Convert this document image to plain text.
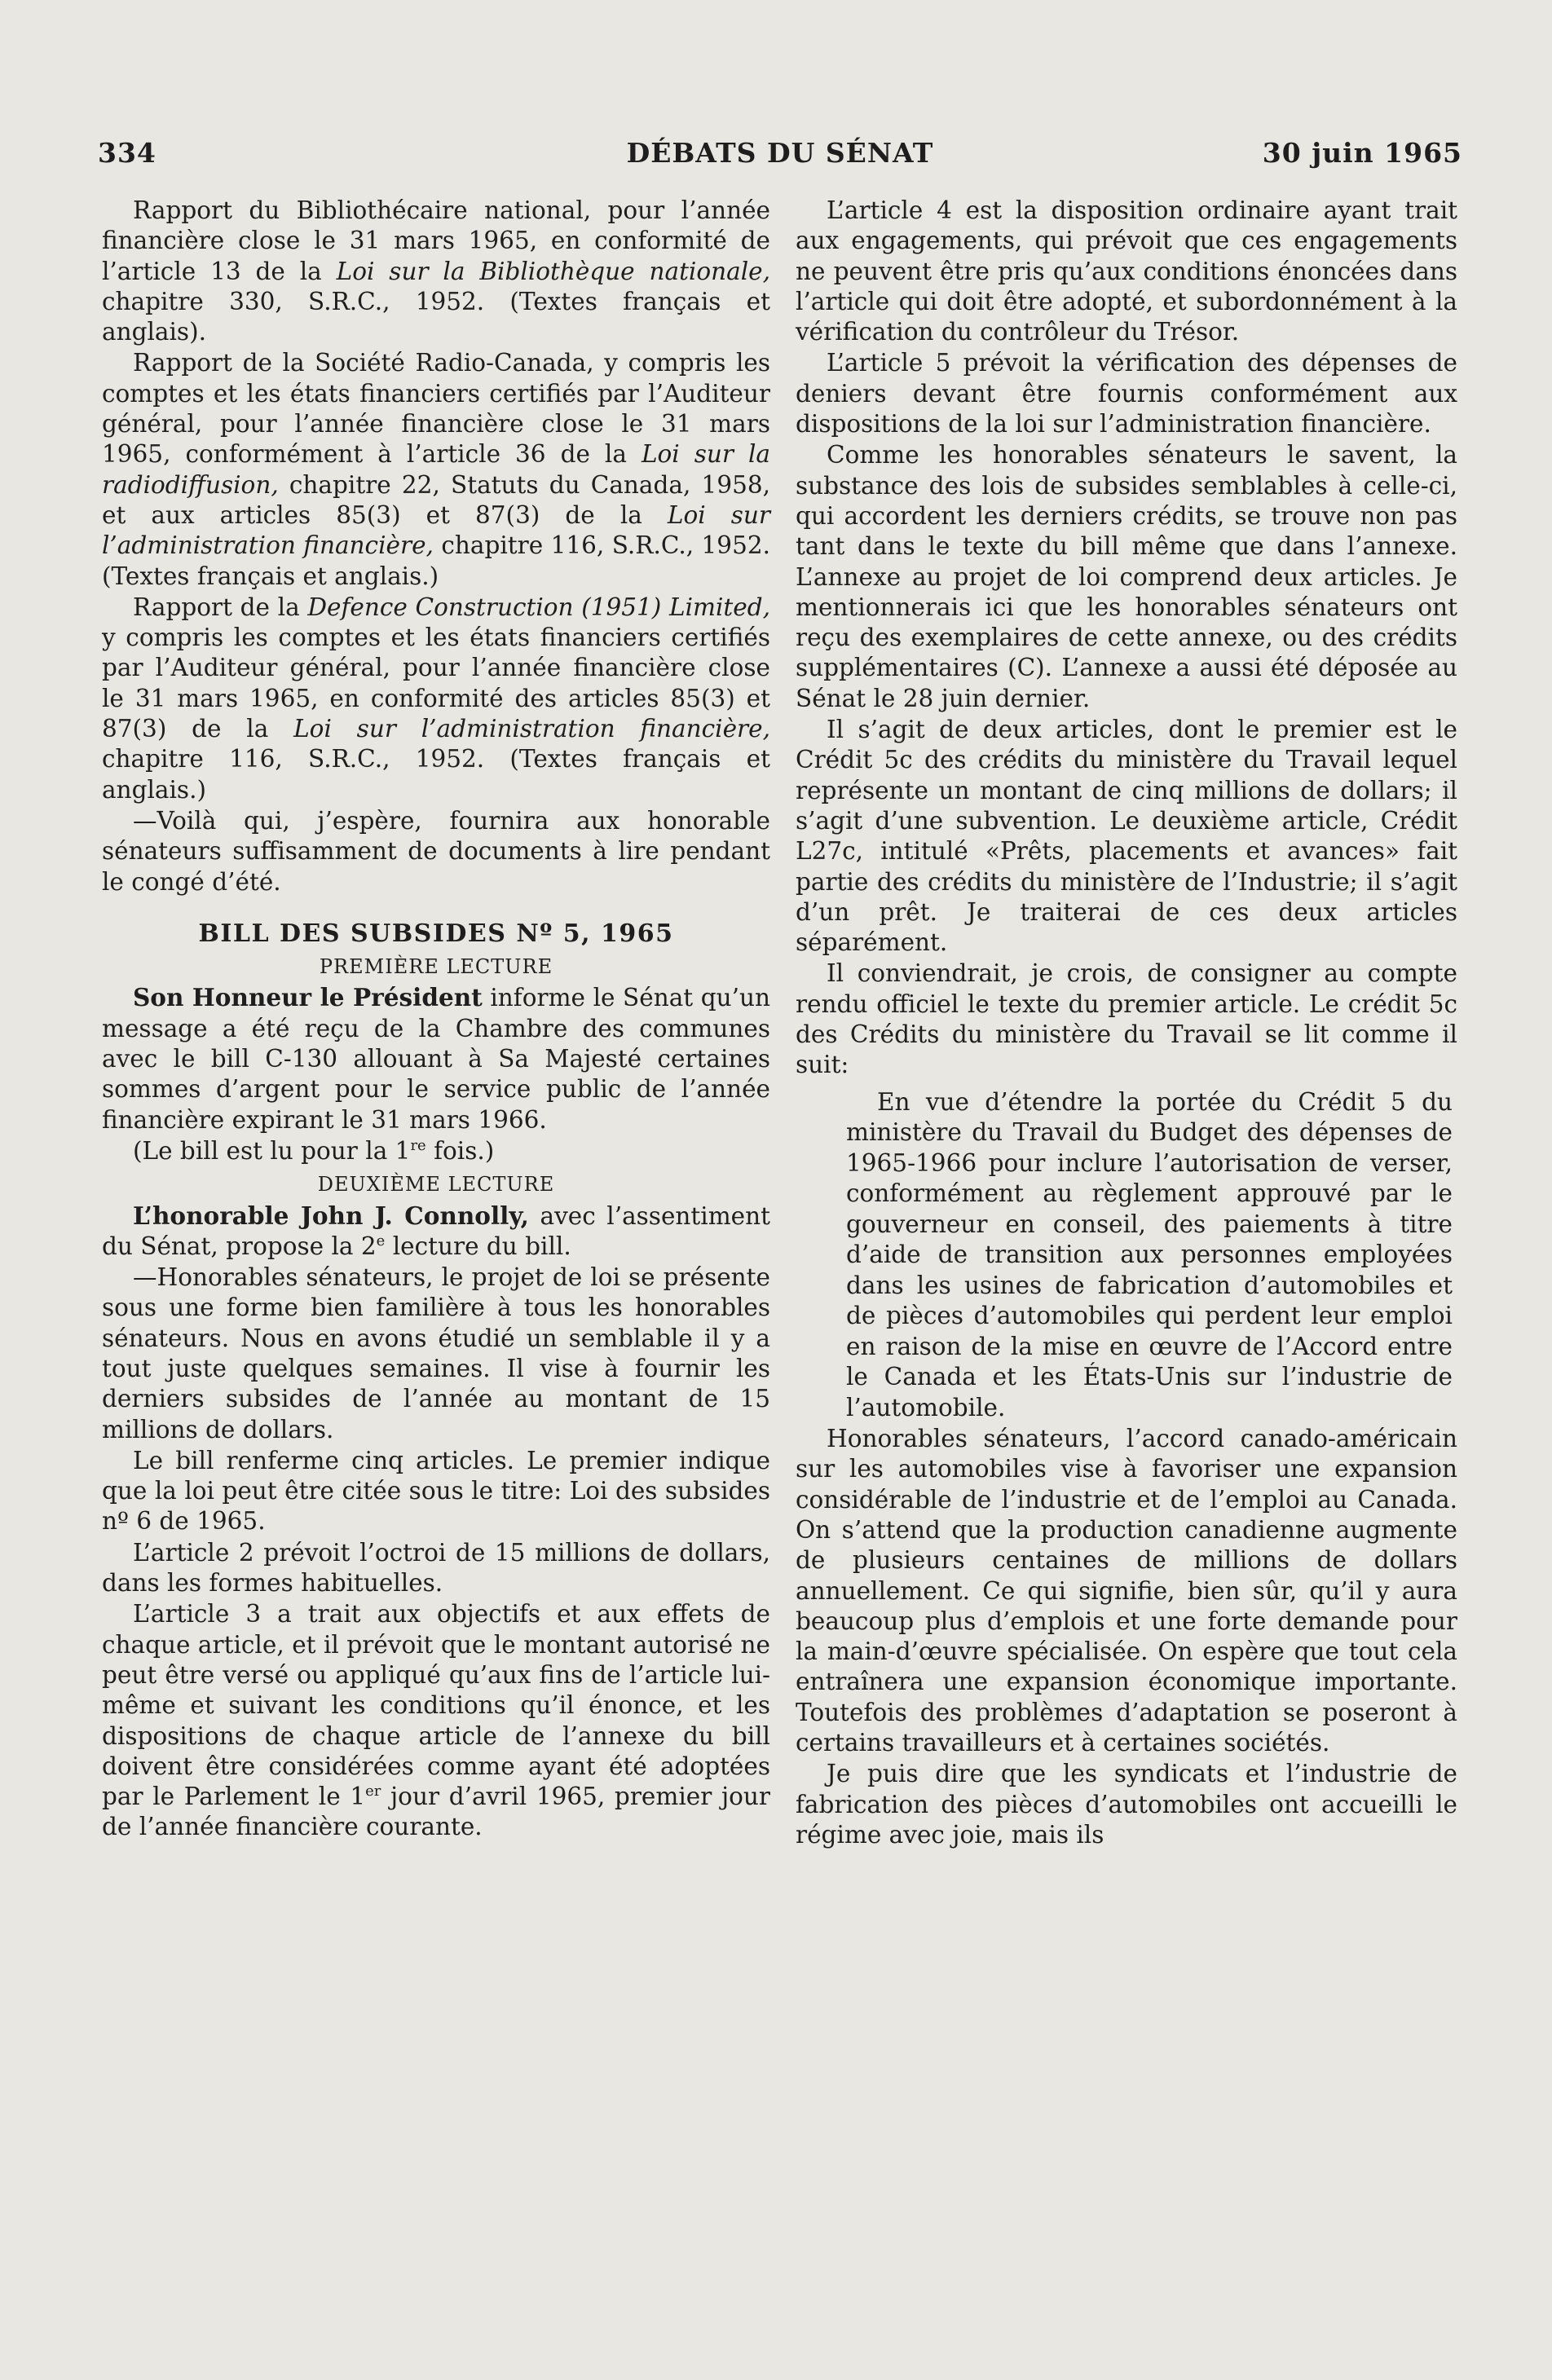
334	DÉBATS DU SÉNAT	30 juin 1965

Rapport du Bibliothécaire national, pour l’année financière close le 31 mars 1965, en conformité de l’article 13 de la Loi sur la Bibliothèque nationale, chapitre 330, S.R.C., 1952. (Textes français et anglais).

Rapport de la Société Radio-Canada, y compris les comptes et les états financiers certifiés par l’Auditeur général, pour l’année financière close le 31 mars 1965, conformément à l’article 36 de la Loi sur la radiodiffusion, chapitre 22, Statuts du Canada, 1958, et aux articles 85(3) et 87(3) de la Loi sur l’administration financière, chapitre 116, S.R.C., 1952. (Textes français et anglais.)

Rapport de la Defence Construction (1951) Limited, y compris les comptes et les états financiers certifiés par l’Auditeur général, pour l’année financière close le 31 mars 1965, en conformité des articles 85(3) et 87(3) de la Loi sur l’administration financière, chapitre 116, S.R.C., 1952. (Textes français et anglais.)

—Voilà qui, j’espère, fournira aux honorable sénateurs suffisamment de documents à lire pendant le congé d’été.

BILL DES SUBSIDES Nº 5, 1965
PREMIÈRE LECTURE

Son Honneur le Président informe le Sénat qu’un message a été reçu de la Chambre des communes avec le bill C-130 allouant à Sa Majesté certaines sommes d’argent pour le service public de l’année financière expirant le 31 mars 1966.

(Le bill est lu pour la 1re fois.)

DEUXIÈME LECTURE

L’honorable John J. Connolly, avec l’assentiment du Sénat, propose la 2e lecture du bill.

—Honorables sénateurs, le projet de loi se présente sous une forme bien familière à tous les honorables sénateurs. Nous en avons étudié un semblable il y a tout juste quelques semaines. Il vise à fournir les derniers subsides de l’année au montant de 15 millions de dollars.

Le bill renferme cinq articles. Le premier indique que la loi peut être citée sous le titre: Loi des subsides nº 6 de 1965.

L’article 2 prévoit l’octroi de 15 millions de dollars, dans les formes habituelles.

L’article 3 a trait aux objectifs et aux effets de chaque article, et il prévoit que le montant autorisé ne peut être versé ou appliqué qu’aux fins de l’article lui-même et suivant les conditions qu’il énonce, et les dispositions de chaque article de l’annexe du bill doivent être considérées comme ayant été adoptées par le Parlement le 1er jour d’avril 1965, premier jour de l’année financière courante.

L’article 4 est la disposition ordinaire ayant trait aux engagements, qui prévoit que ces engagements ne peuvent être pris qu’aux conditions énoncées dans l’article qui doit être adopté, et subordonnément à la vérification du contrôleur du Trésor.

L’article 5 prévoit la vérification des dépenses de deniers devant être fournis conformément aux dispositions de la loi sur l’administration financière.

Comme les honorables sénateurs le savent, la substance des lois de subsides semblables à celle-ci, qui accordent les derniers crédits, se trouve non pas tant dans le texte du bill même que dans l’annexe. L’annexe au projet de loi comprend deux articles. Je mentionnerais ici que les honorables sénateurs ont reçu des exemplaires de cette annexe, ou des crédits supplémentaires (C). L’annexe a aussi été déposée au Sénat le 28 juin dernier.

Il s’agit de deux articles, dont le premier est le Crédit 5c des crédits du ministère du Travail lequel représente un montant de cinq millions de dollars; il s’agit d’une subvention. Le deuxième article, Crédit L27c, intitulé «Prêts, placements et avances» fait partie des crédits du ministère de l’Industrie; il s’agit d’un prêt. Je traiterai de ces deux articles séparément.

Il conviendrait, je crois, de consigner au compte rendu officiel le texte du premier article. Le crédit 5c des Crédits du ministère du Travail se lit comme il suit:

En vue d’étendre la portée du Crédit 5 du ministère du Travail du Budget des dépenses de 1965-1966 pour inclure l’autorisation de verser, conformément au règlement approuvé par le gouverneur en conseil, des paiements à titre d’aide de transition aux personnes employées dans les usines de fabrication d’automobiles et de pièces d’automobiles qui perdent leur emploi en raison de la mise en œuvre de l’Accord entre le Canada et les États-Unis sur l’industrie de l’automobile.

Honorables sénateurs, l’accord canado-américain sur les automobiles vise à favoriser une expansion considérable de l’industrie et de l’emploi au Canada. On s’attend que la production canadienne augmente de plusieurs centaines de millions de dollars annuellement. Ce qui signifie, bien sûr, qu’il y aura beaucoup plus d’emplois et une forte demande pour la main-d’œuvre spécialisée. On espère que tout cela entraînera une expansion économique importante. Toutefois des problèmes d’adaptation se poseront à certains travailleurs et à certaines sociétés.

Je puis dire que les syndicats et l’industrie de fabrication des pièces d’automobiles ont accueilli le régime avec joie, mais ils
